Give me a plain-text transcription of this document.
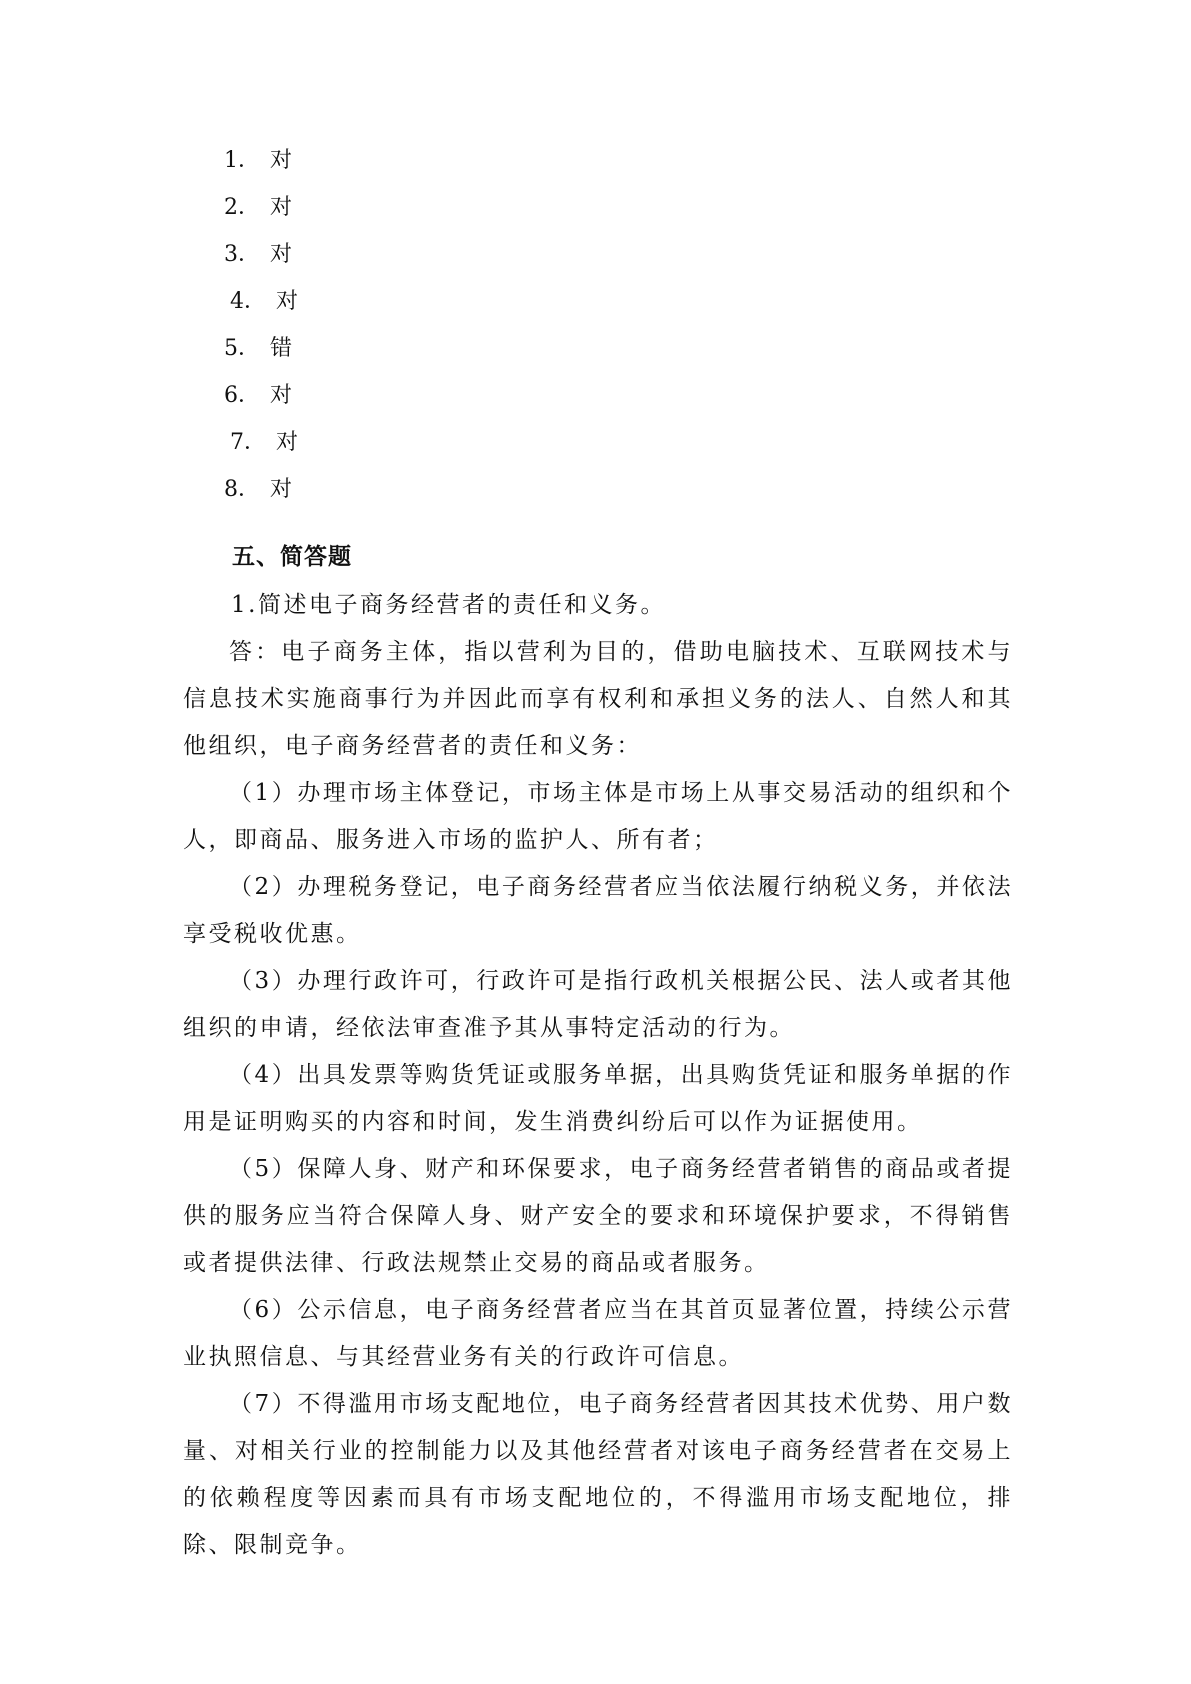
1． 对
2． 对
3． 对
4． 对
5． 错
6． 对
7． 对
8． 对
五、简答题
1.简述电子商务经营者的责任和义务。

答：电子商务主体，指以营利为目的，借助电脑技术、互联网技术与信息技术实施商事行为并因此而享有权利和承担义务的法人、自然人和其他组织，电子商务经营者的责任和义务：

（1）办理市场主体登记，市场主体是市场上从事交易活动的组织和个人，即商品、服务进入市场的监护人、所有者；

（2）办理税务登记，电子商务经营者应当依法履行纳税义务，并依法享受税收优惠。

（3）办理行政许可，行政许可是指行政机关根据公民、法人或者其他组织的申请，经依法审查准予其从事特定活动的行为。

（4）出具发票等购货凭证或服务单据，出具购货凭证和服务单据的作用是证明购买的内容和时间，发生消费纠纷后可以作为证据使用。

（5）保障人身、财产和环保要求，电子商务经营者销售的商品或者提供的服务应当符合保障人身、财产安全的要求和环境保护要求，不得销售或者提供法律、行政法规禁止交易的商品或者服务。

（6）公示信息，电子商务经营者应当在其首页显著位置，持续公示营业执照信息、与其经营业务有关的行政许可信息。

（7）不得滥用市场支配地位，电子商务经营者因其技术优势、用户数量、对相关行业的控制能力以及其他经营者对该电子商务经营者在交易上的依赖程度等因素而具有市场支配地位的，不得滥用市场支配地位，排除、限制竞争。
